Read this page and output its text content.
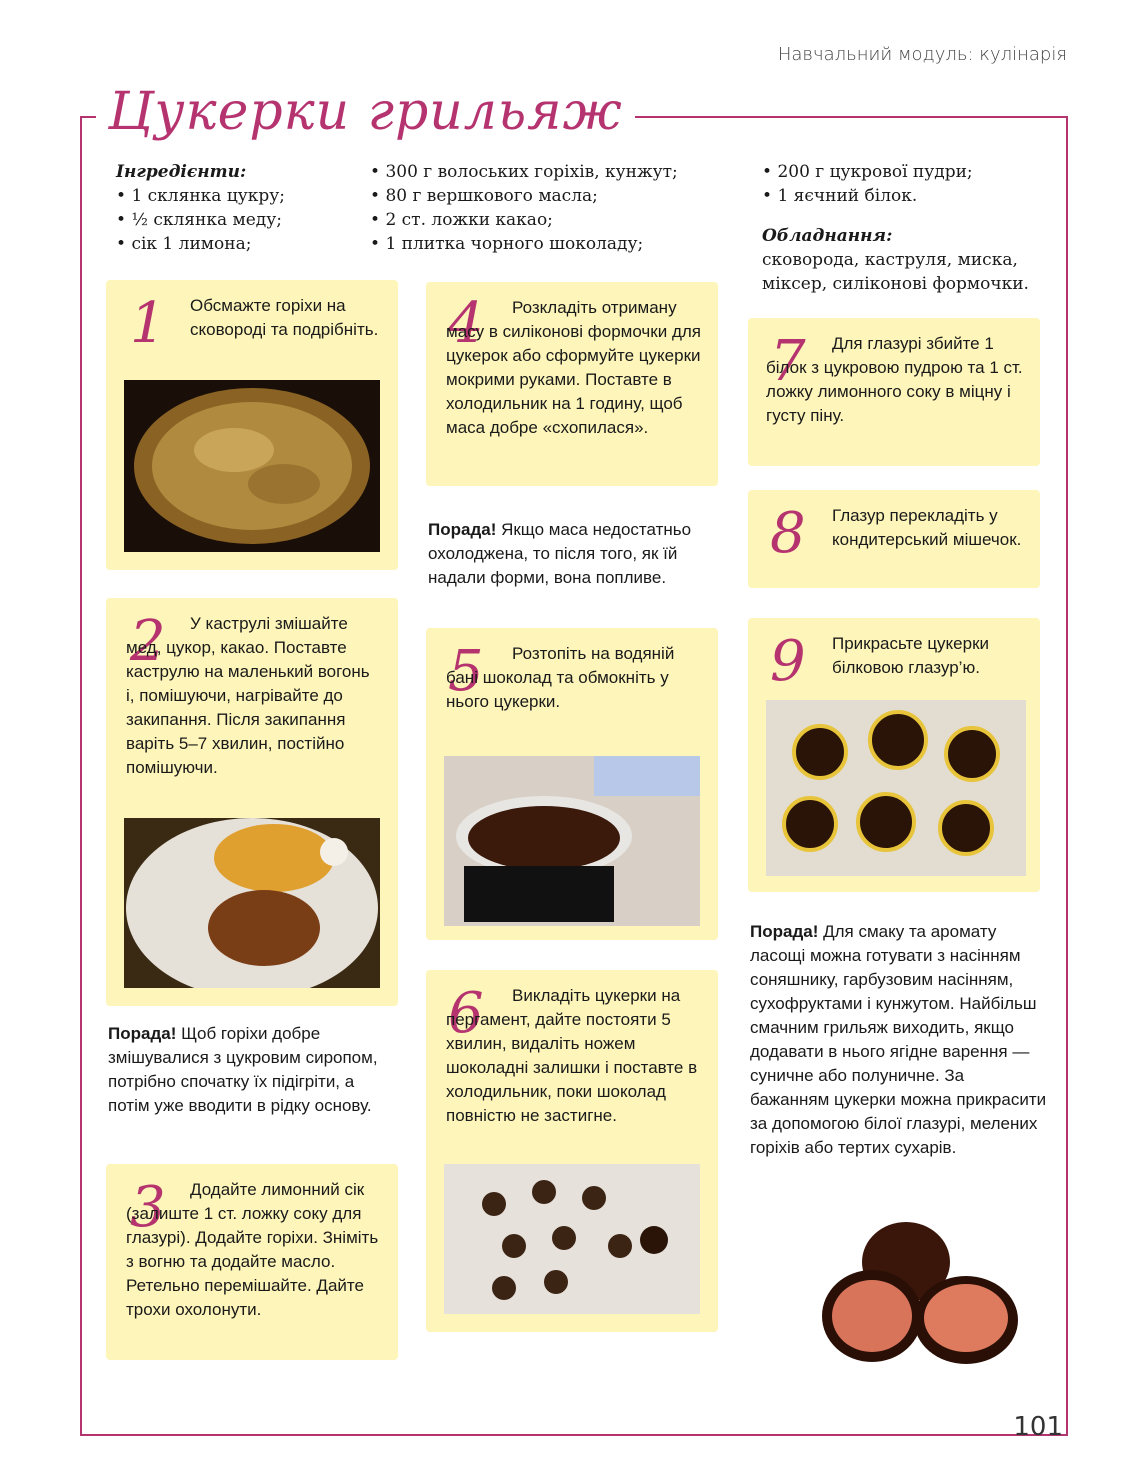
Навчальний модуль: кулінарія
Цукерки грильяж
Інгредієнти:
• 1 склянка цукру;
• ½ склянка меду;
• сік 1 лимона;
• 300 г волоських горіхів, кунжут;
• 80 г вершкового масла;
• 2 ст. ложки какао;
• 1 плитка чорного шоколаду;
• 200 г цукрової пудри;
• 1 яєчний білок.
Обладнання:
сковорода, каструля, миска, міксер, силіконові формочки.
1 Обсмажте горіхи на сковороді та подрібніть.
2	У каструлі змішайте мед, цукор, какао. Поставте каструлю на маленький вогонь і, помішуючи, нагрівайте до закипання. Після закипання варіть 5–7 хвилин, постійно помішуючи.
Порада! Щоб горіхи добре змішувалися з цукровим сиропом, потрібно спочатку їх підігріти, а потім уже вводити в рідку основу.
3	Додайте лимонний сік (залиште 1 ст. ложку соку для глазурі). Додайте горіхи. Зніміть з вогню та додайте масло. Ретельно перемішайте. Дайте трохи охолонути.
4	Розкладіть отриману масу в силіконові формочки для цукерок або сформуйте цукерки мокрими руками. Поставте в холодильник на 1 годину, щоб маса добре «схопилася».
Порада! Якщо маса недостатньо охолоджена, то після того, як їй надали форми, вона попливе.
5	Розтопіть на водяній бані шоколад та обмокніть у нього цукерки.
6	Викладіть цукерки на пергамент, дайте постояти 5 хвилин, видаліть ножем шоколадні залишки і поставте в холодильник, поки шоколад повністю не застигне.
7	Для глазурі збийте 1 білок з цукровою пудрою та 1 ст. ложку лимонного соку в міцну і густу піну.
8 Глазур перекладіть у кондитерський мішечок.
9 Прикрасьте цукерки білковою глазур’ю.
Порада! Для смаку та аромату ласощі можна готувати з насінням соняшнику, гарбузовим насінням, сухофруктами і кунжутом. Найбільш смачним грильяж виходить, якщо додавати в нього ягідне варення — суничне або полуничне. За бажанням цукерки можна прикрасити за допомогою білої глазурі, мелених горіхів або тертих сухарів.
101
